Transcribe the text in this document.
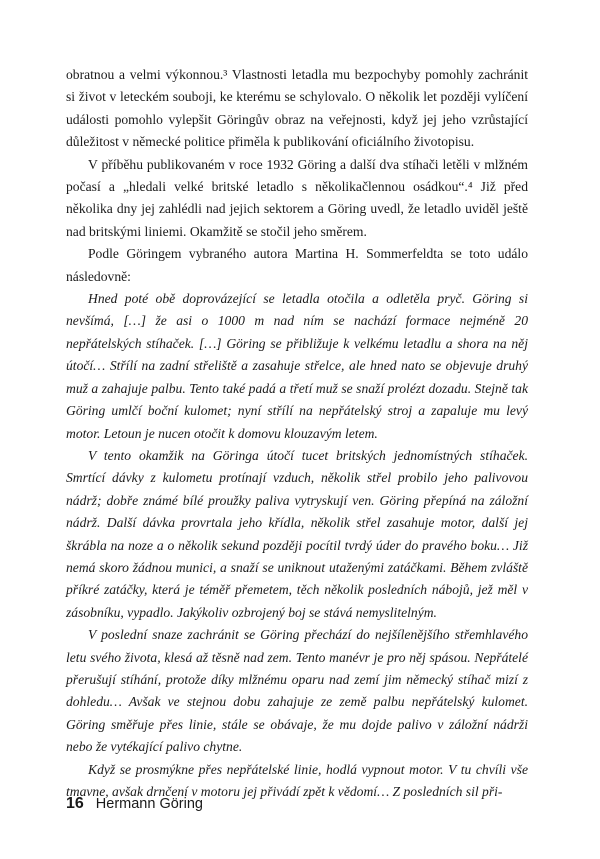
obratnou a velmi výkonnou.³ Vlastnosti letadla mu bezpochyby pomohly zachránit si život v leteckém souboji, ke kterému se schylovalo. O několik let později vylíčení události pomohlo vylepšit Göringův obraz na veřejnosti, když jej jeho vzrůstající důležitost v německé politice přiměla k publikování oficiálního životopisu.

V příběhu publikovaném v roce 1932 Göring a další dva stíhači letěli v mlžném počasí a „hledali velké britské letadlo s několikačlennou osádkou“.⁴ Již před několika dny jej zahlédli nad jejich sektorem a Göring uvedl, že letadlo uviděl ještě nad britskými liniemi. Okamžitě se stočil jeho směrem.

Podle Göringem vybraného autora Martina H. Sommerfeldta se toto událo následovně:

Hned poté obě doprovázející se letadla otočila a odletěla pryč. Göring si nevšímá, […] že asi o 1000 m nad ním se nachází formace nejméně 20 nepřátelských stíhaček. […] Göring se přibližuje k velkému letadlu a shora na něj útočí… Střílí na zadní střeliště a zasahuje střelce, ale hned nato se objevuje druhý muž a zahajuje palbu. Tento také padá a třetí muž se snaží prolézt dozadu. Stejně tak Göring umlčí boční kulomet; nyní střílí na nepřátelský stroj a zapaluje mu levý motor. Letoun je nucen otočit k domovu klouzavým letem.

V tento okamžik na Göringa útočí tucet britských jednomístných stíhaček. Smrtící dávky z kulometu protínají vzduch, několik střel probilo jeho palivovou nádrž; dobře známé bílé proužky paliva vytryskují ven. Göring přepíná na záložní nádrž. Další dávka provrtala jeho křídla, několik střel zasahuje motor, další jej škrábla na noze a o několik sekund později pocítil tvrdý úder do pravého boku… Již nemá skoro žádnou munici, a snaží se uniknout utaženými zatáčkami. Během zvláště příkré zatáčky, která je téměř přemetem, těch několik posledních nábojů, jež měl v zásobníku, vypadlo. Jakýkoliv ozbrojený boj se stává nemyslitelným.

V poslední snaze zachránit se Göring přechází do nejšílenějšího střemhlavého letu svého života, klesá až těsně nad zem. Tento manévr je pro něj spásou. Nepřátelé přerušují stíhání, protože díky mlžnému oparu nad zemí jim německý stíhač mizí z dohledu… Avšak ve stejnou dobu zahajuje ze země palbu nepřátelský kulomet. Göring směřuje přes linie, stále se obávaje, že mu dojde palivo v záložní nádrži nebo že vytékající palivo chytne.

Když se prosmýkne přes nepřátelské linie, hodlá vypnout motor. V tu chvíli vše tmavne, avšak drnčení v motoru jej přivádí zpět k vědomí… Z posledních sil při-

16 Hermann Göring
